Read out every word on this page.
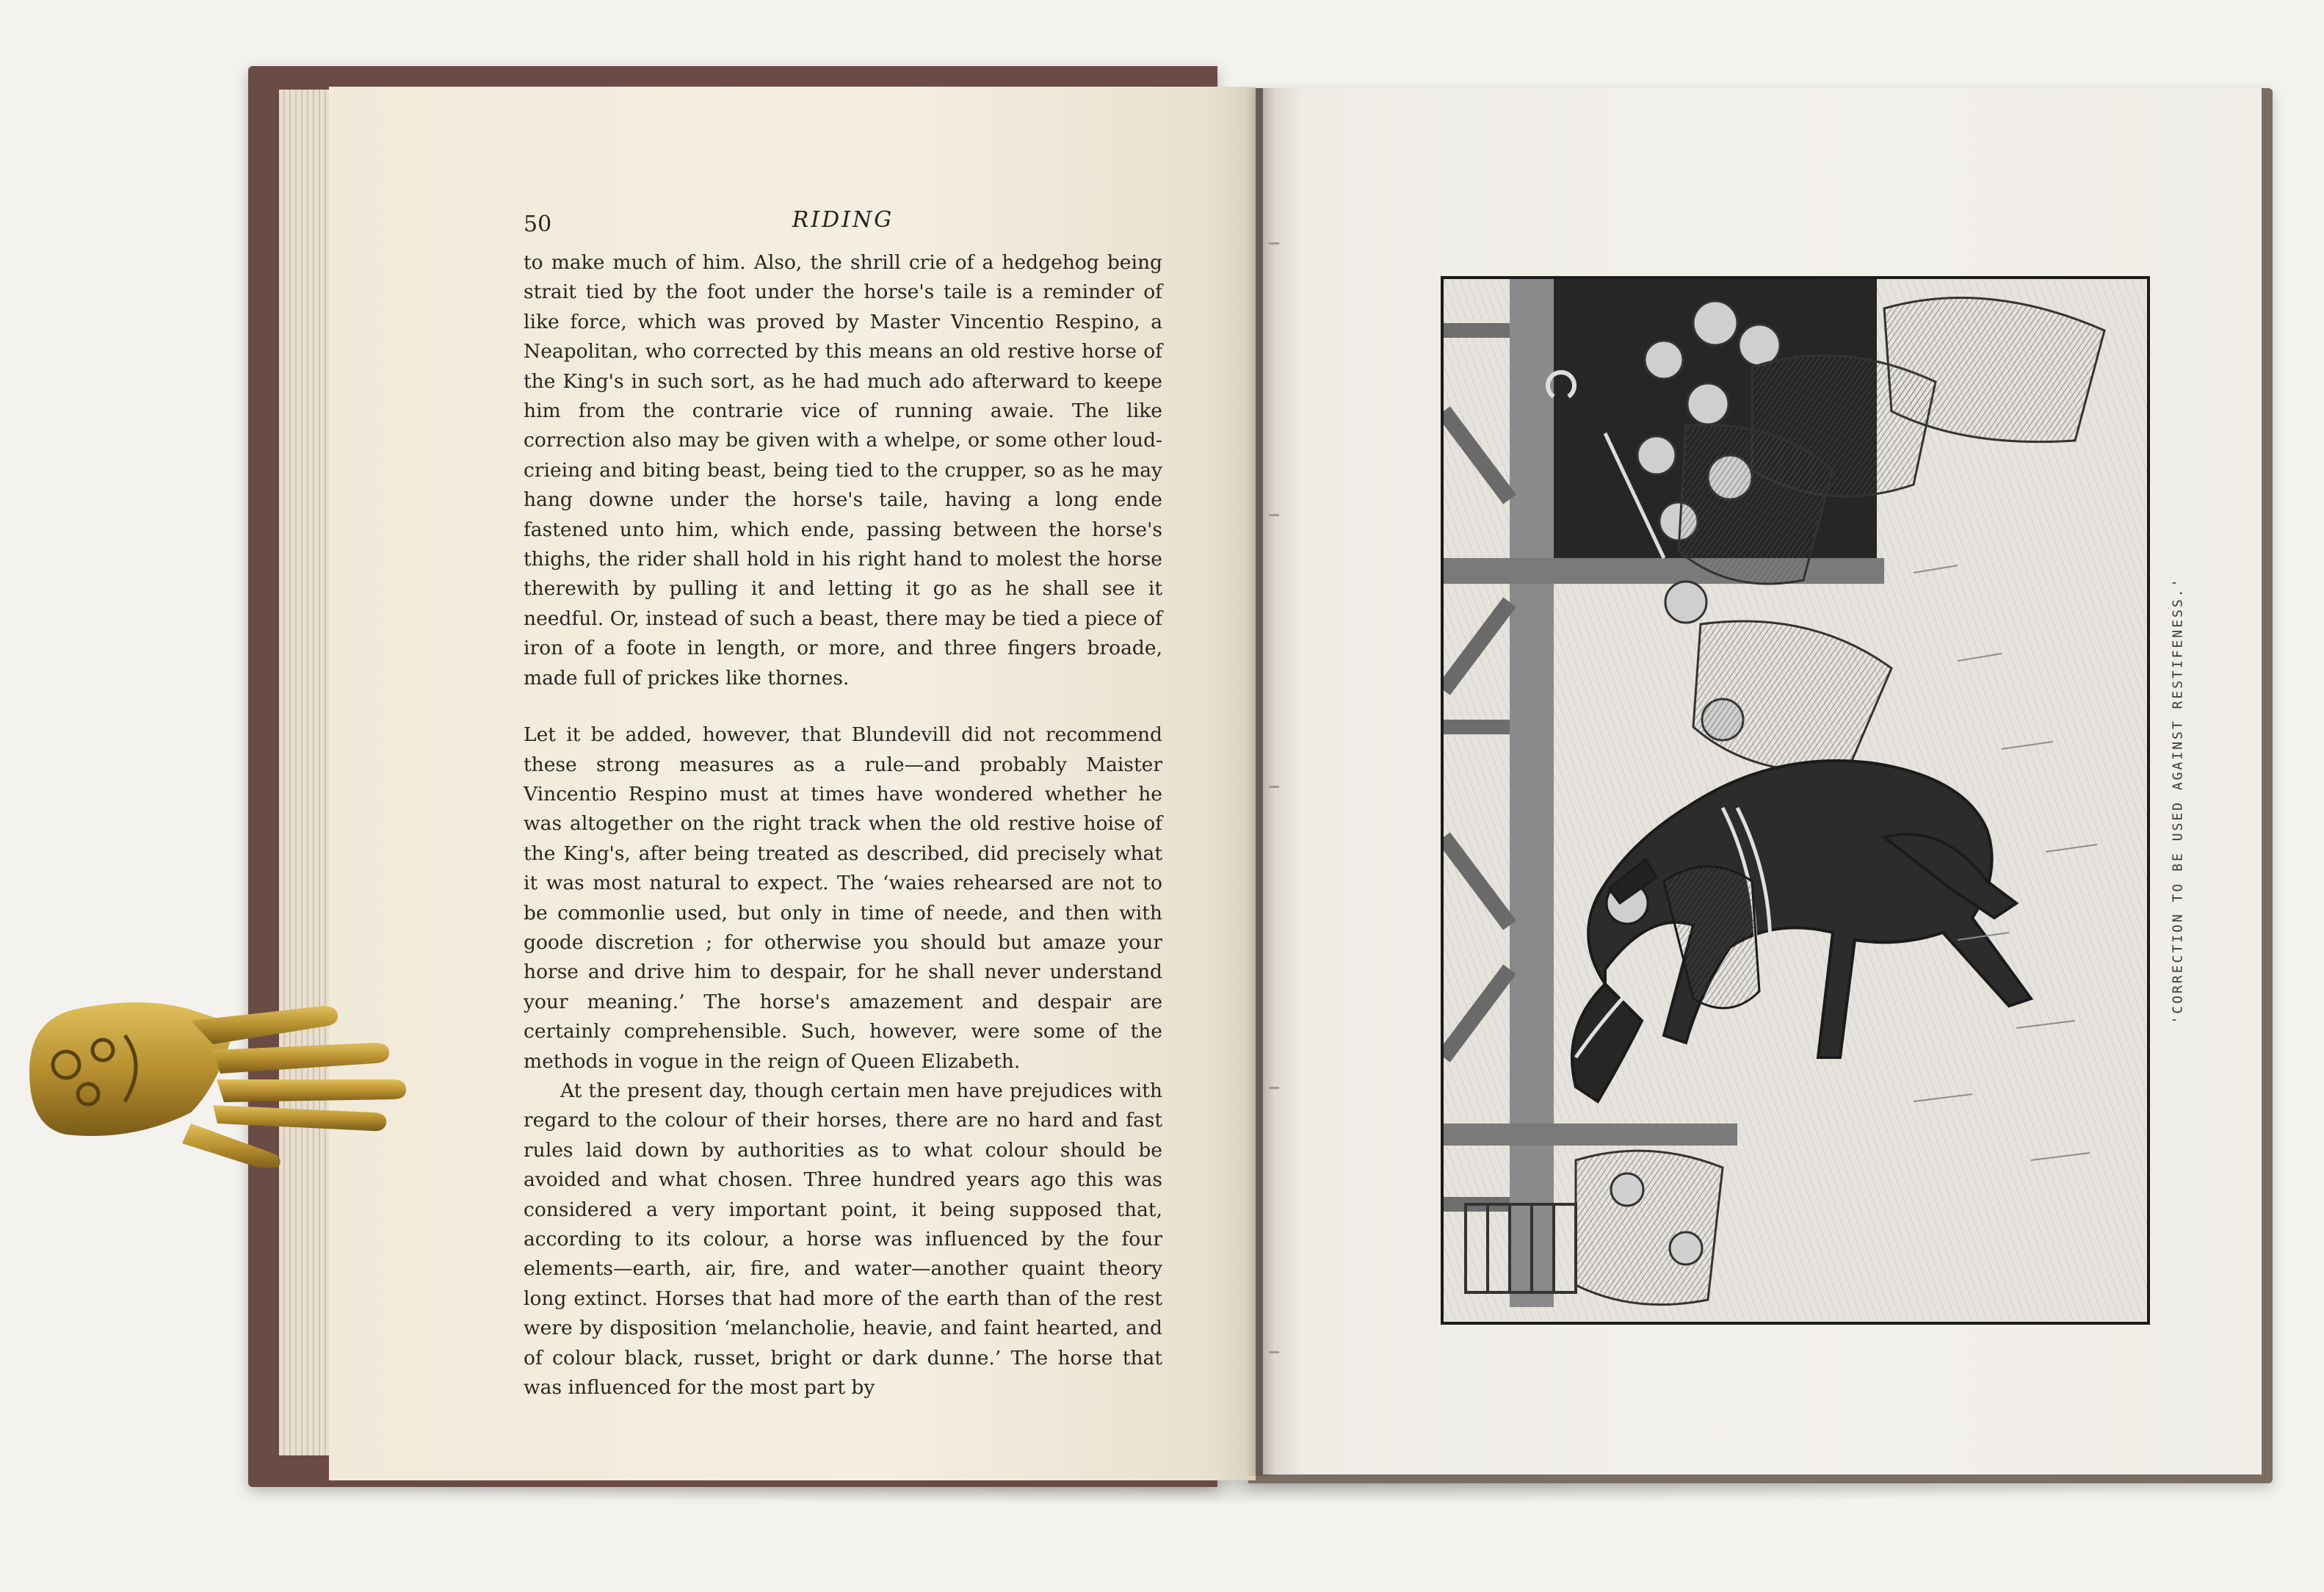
50	RIDING

to make much of him. Also, the shrill crie of a hedgehog being strait tied by the foot under the horse's taile is a reminder of like force, which was proved by Master Vincentio Respino, a Neapolitan, who corrected by this means an old restive horse of the King's in such sort, as he had much ado afterward to keepe him from the contrarie vice of running awaie. The like correction also may be given with a whelpe, or some other loud-crieing and biting beast, being tied to the crupper, so as he may hang downe under the horse's taile, having a long ende fastened unto him, which ende, passing between the horse's thighs, the rider shall hold in his right hand to molest the horse therewith by pulling it and letting it go as he shall see it needful. Or, instead of such a beast, there may be tied a piece of iron of a foote in length, or more, and three fingers broade, made full of prickes like thornes.

Let it be added, however, that Blundevill did not recommend these strong measures as a rule—and probably Maister Vincentio Respino must at times have wondered whether he was altogether on the right track when the old restive hoise of the King's, after being treated as described, did precisely what it was most natural to expect. The ‘waies rehearsed are not to be commonlie used, but only in time of neede, and then with goode discretion ; for otherwise you should but amaze your horse and drive him to despair, for he shall never understand your meaning.’ The horse's amazement and despair are certainly comprehensible. Such, however, were some of the methods in vogue in the reign of Queen Elizabeth.

At the present day, though certain men have prejudices with regard to the colour of their horses, there are no hard and fast rules laid down by authorities as to what colour should be avoided and what chosen. Three hundred years ago this was considered a very important point, it being supposed that, according to its colour, a horse was influenced by the four elements—earth, air, fire, and water—another quaint theory long extinct. Horses that had more of the earth than of the rest were by disposition ‘melancholie, heavie, and faint hearted, and of colour black, russet, bright or dark dunne.’ The horse that was influenced for the most part by

'CORRECTION TO BE USED AGAINST RESTIFENESS.'
